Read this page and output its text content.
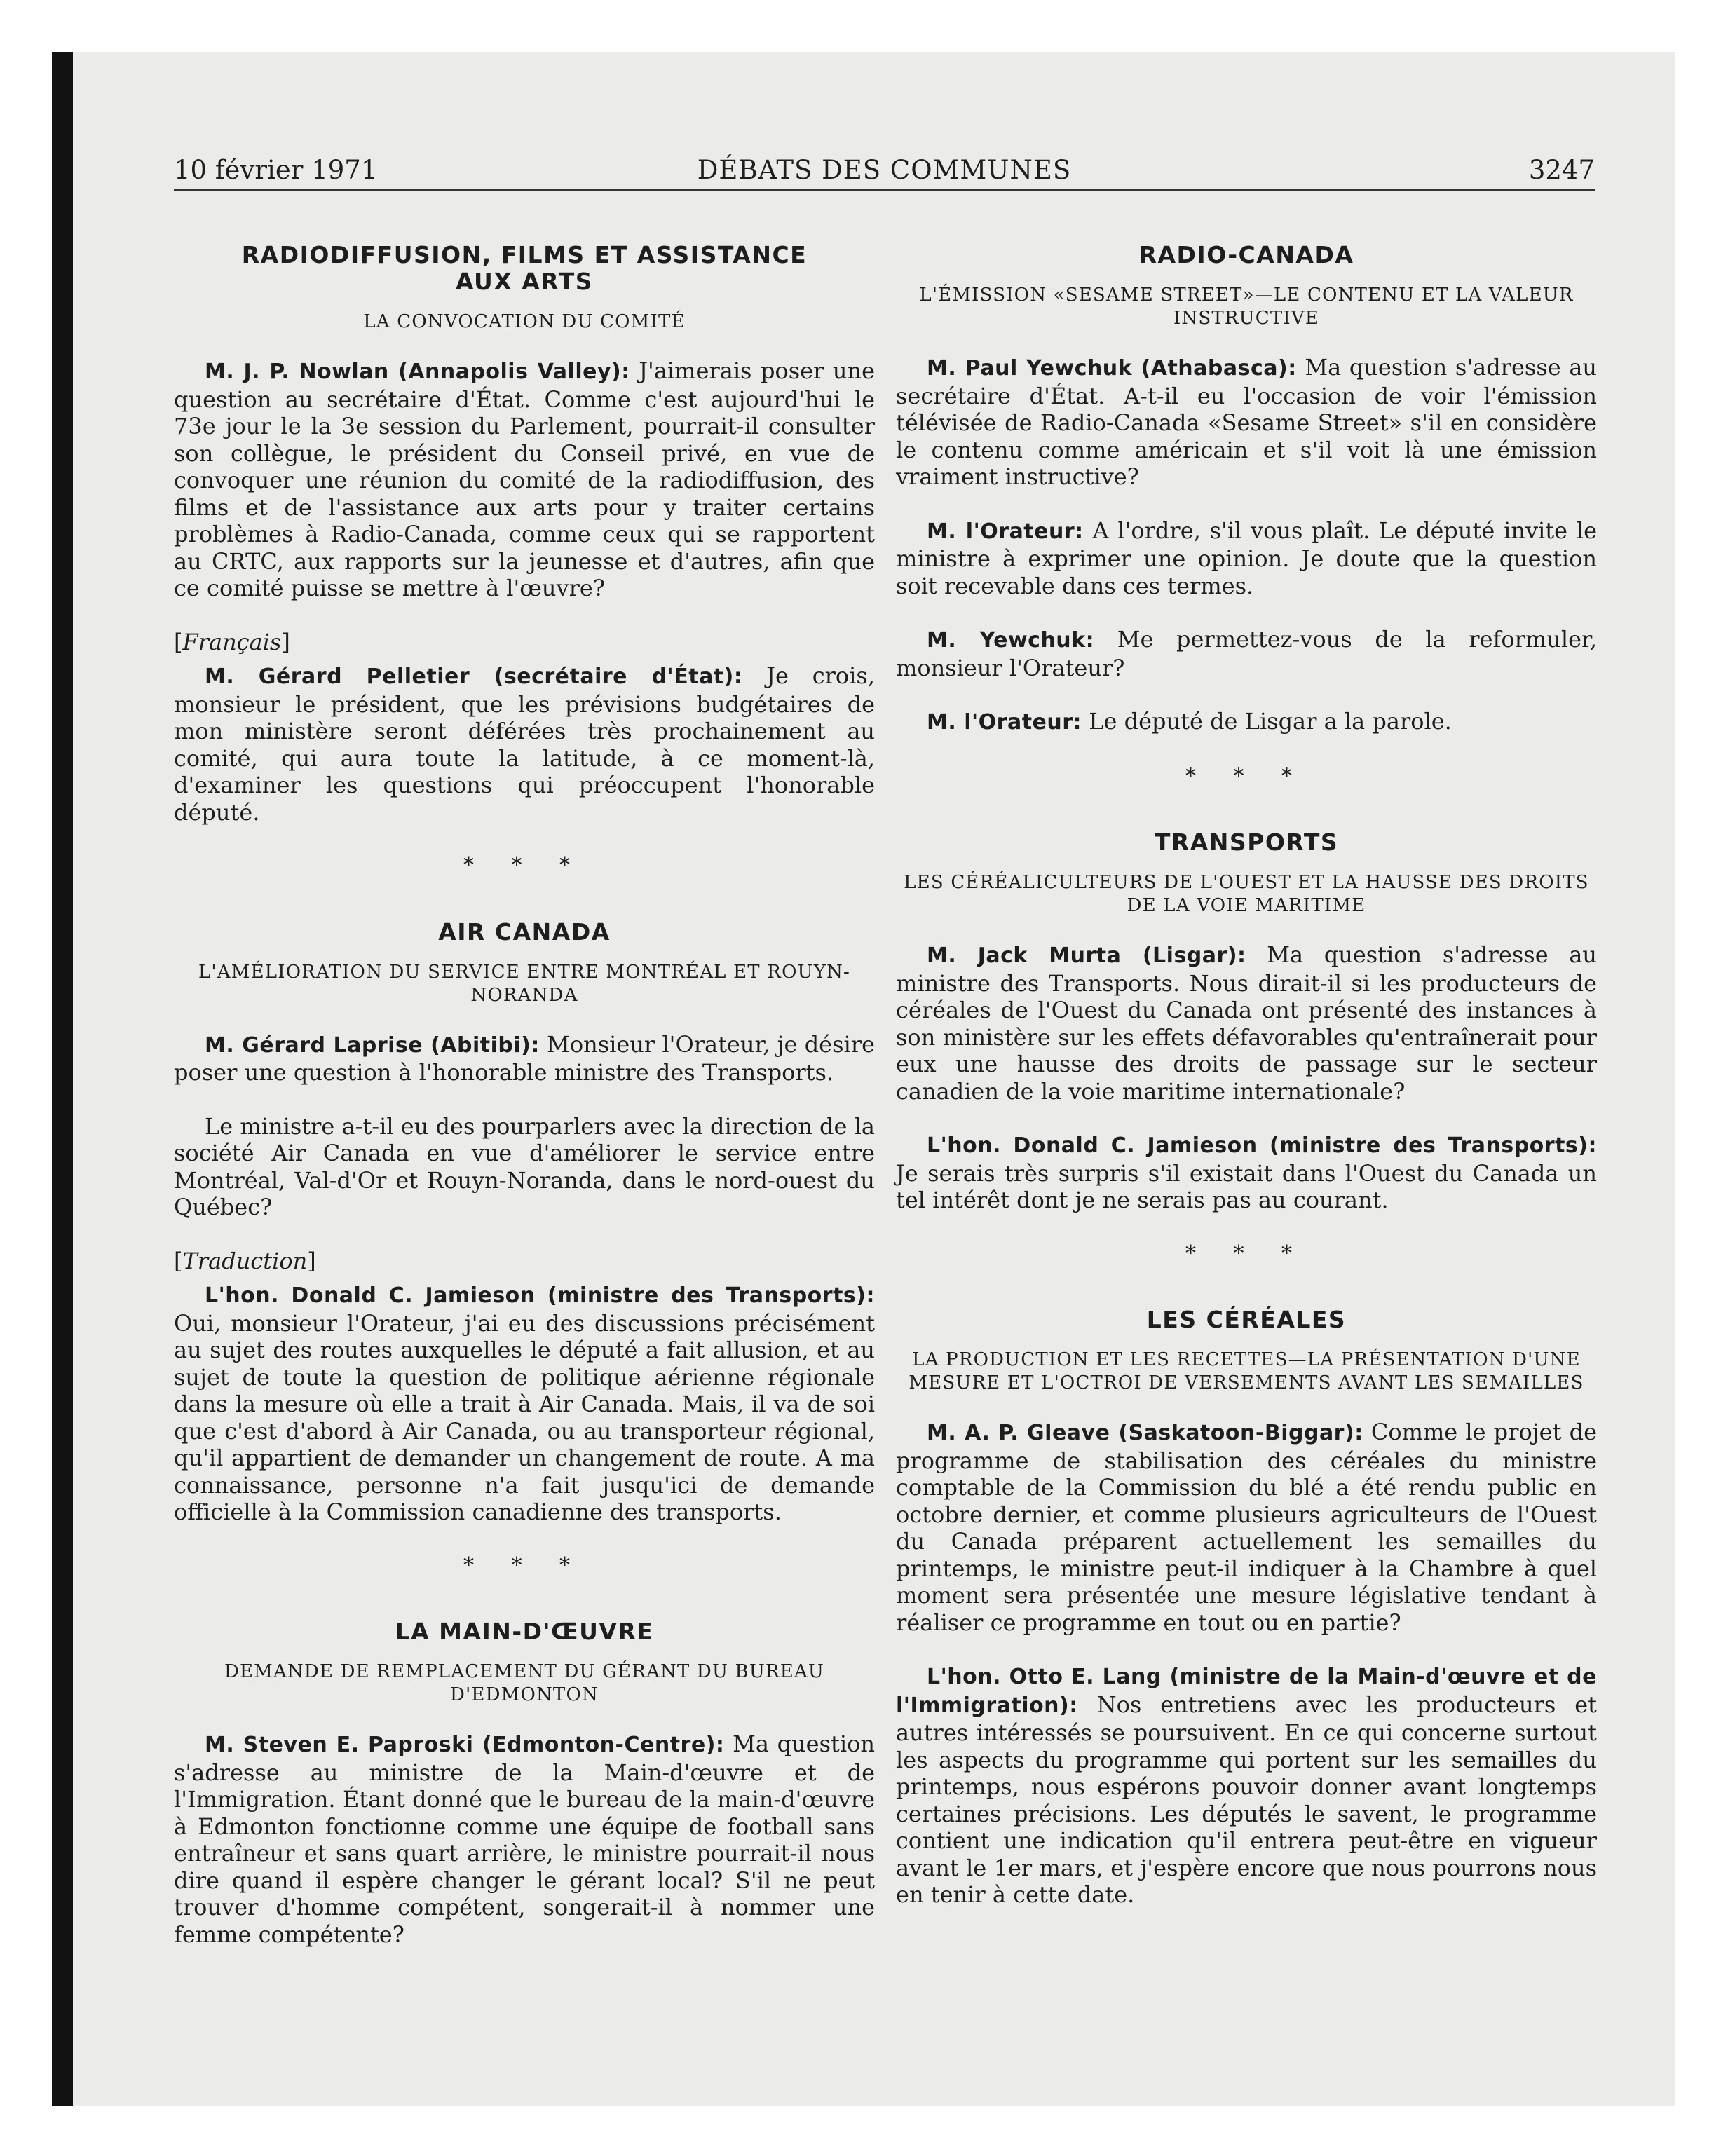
10 février 1971	DÉBATS DES COMMUNES	3247
RADIODIFFUSION, FILMS ET ASSISTANCE AUX ARTS
LA CONVOCATION DU COMITÉ

M. J. P. Nowlan (Annapolis Valley): J'aimerais poser une question au secrétaire d'État. Comme c'est aujourd'hui le 73e jour le la 3e session du Parlement, pourrait-il consulter son collègue, le président du Conseil privé, en vue de convoquer une réunion du comité de la radiodiffusion, des films et de l'assistance aux arts pour y traiter certains problèmes à Radio-Canada, comme ceux qui se rapportent au CRTC, aux rapports sur la jeunesse et d'autres, afin que ce comité puisse se mettre à l'œuvre?

[Français]

M. Gérard Pelletier (secrétaire d'État): Je crois, monsieur le président, que les prévisions budgétaires de mon ministère seront déférées très prochainement au comité, qui aura toute la latitude, à ce moment-là, d'examiner les questions qui préoccupent l'honorable député.

* * *
AIR CANADA
L'AMÉLIORATION DU SERVICE ENTRE MONTRÉAL ET ROUYN-NORANDA

M. Gérard Laprise (Abitibi): Monsieur l'Orateur, je désire poser une question à l'honorable ministre des Transports.

Le ministre a-t-il eu des pourparlers avec la direction de la société Air Canada en vue d'améliorer le service entre Montréal, Val-d'Or et Rouyn-Noranda, dans le nord-ouest du Québec?

[Traduction]

L'hon. Donald C. Jamieson (ministre des Transports): Oui, monsieur l'Orateur, j'ai eu des discussions précisément au sujet des routes auxquelles le député a fait allusion, et au sujet de toute la question de politique aérienne régionale dans la mesure où elle a trait à Air Canada. Mais, il va de soi que c'est d'abord à Air Canada, ou au transporteur régional, qu'il appartient de demander un changement de route. A ma connaissance, personne n'a fait jusqu'ici de demande officielle à la Commission canadienne des transports.

* * *
LA MAIN-D'ŒUVRE
DEMANDE DE REMPLACEMENT DU GÉRANT DU BUREAU D'EDMONTON

M. Steven E. Paproski (Edmonton-Centre): Ma question s'adresse au ministre de la Main-d'œuvre et de l'Immigration. Étant donné que le bureau de la main-d'œuvre à Edmonton fonctionne comme une équipe de football sans entraîneur et sans quart arrière, le ministre pourrait-il nous dire quand il espère changer le gérant local? S'il ne peut trouver d'homme compétent, songerait-il à nommer une femme compétente?

RADIO-CANADA
L'ÉMISSION «SESAME STREET»—LE CONTENU ET LA VALEUR INSTRUCTIVE

M. Paul Yewchuk (Athabasca): Ma question s'adresse au secrétaire d'État. A-t-il eu l'occasion de voir l'émission télévisée de Radio-Canada «Sesame Street» s'il en considère le contenu comme américain et s'il voit là une émission vraiment instructive?

M. l'Orateur: A l'ordre, s'il vous plaît. Le député invite le ministre à exprimer une opinion. Je doute que la question soit recevable dans ces termes.

M. Yewchuk: Me permettez-vous de la reformuler, monsieur l'Orateur?

M. l'Orateur: Le député de Lisgar a la parole.

* * *
TRANSPORTS
LES CÉRÉALICULTEURS DE L'OUEST ET LA HAUSSE DES DROITS DE LA VOIE MARITIME

M. Jack Murta (Lisgar): Ma question s'adresse au ministre des Transports. Nous dirait-il si les producteurs de céréales de l'Ouest du Canada ont présenté des instances à son ministère sur les effets défavorables qu'entraînerait pour eux une hausse des droits de passage sur le secteur canadien de la voie maritime internationale?

L'hon. Donald C. Jamieson (ministre des Transports): Je serais très surpris s'il existait dans l'Ouest du Canada un tel intérêt dont je ne serais pas au courant.

* * *
LES CÉRÉALES
LA PRODUCTION ET LES RECETTES—LA PRÉSENTATION D'UNE MESURE ET L'OCTROI DE VERSEMENTS AVANT LES SEMAILLES

M. A. P. Gleave (Saskatoon-Biggar): Comme le projet de programme de stabilisation des céréales du ministre comptable de la Commission du blé a été rendu public en octobre dernier, et comme plusieurs agriculteurs de l'Ouest du Canada préparent actuellement les semailles du printemps, le ministre peut-il indiquer à la Chambre à quel moment sera présentée une mesure législative tendant à réaliser ce programme en tout ou en partie?

L'hon. Otto E. Lang (ministre de la Main-d'œuvre et de l'Immigration): Nos entretiens avec les producteurs et autres intéressés se poursuivent. En ce qui concerne surtout les aspects du programme qui portent sur les semailles du printemps, nous espérons pouvoir donner avant longtemps certaines précisions. Les députés le savent, le programme contient une indication qu'il entrera peut-être en vigueur avant le 1er mars, et j'espère encore que nous pourrons nous en tenir à cette date.
